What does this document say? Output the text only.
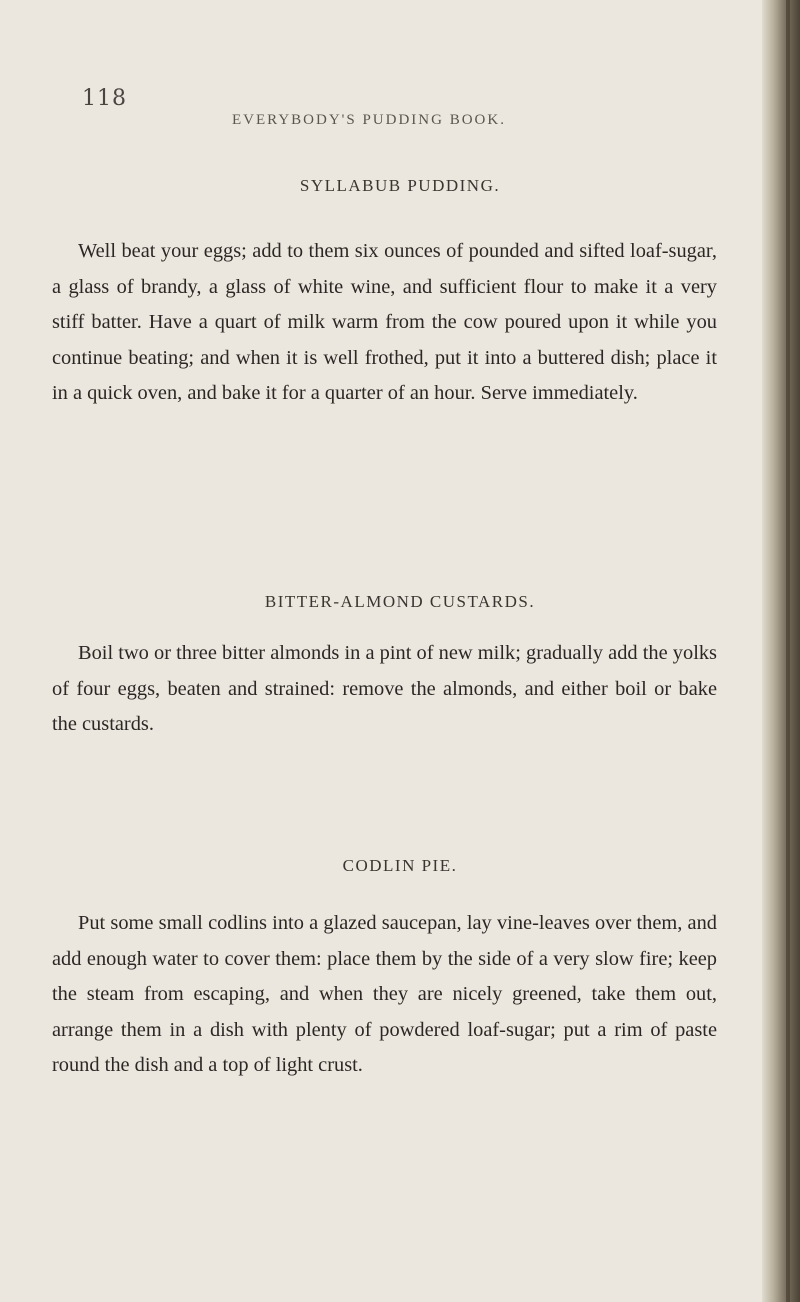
118
EVERYBODY'S PUDDING BOOK.
SYLLABUB PUDDING.
Well beat your eggs; add to them six ounces of pounded and sifted loaf-sugar, a glass of brandy, a glass of white wine, and sufficient flour to make it a very stiff batter. Have a quart of milk warm from the cow poured upon it while you continue beating; and when it is well frothed, put it into a buttered dish; place it in a quick oven, and bake it for a quarter of an hour. Serve immediately.
BITTER-ALMOND CUSTARDS.
Boil two or three bitter almonds in a pint of new milk; gradually add the yolks of four eggs, beaten and strained: remove the almonds, and either boil or bake the custards.
CODLIN PIE.
Put some small codlins into a glazed saucepan, lay vine-leaves over them, and add enough water to cover them: place them by the side of a very slow fire; keep the steam from escaping, and when they are nicely greened, take them out, arrange them in a dish with plenty of powdered loaf-sugar; put a rim of paste round the dish and a top of light crust.
